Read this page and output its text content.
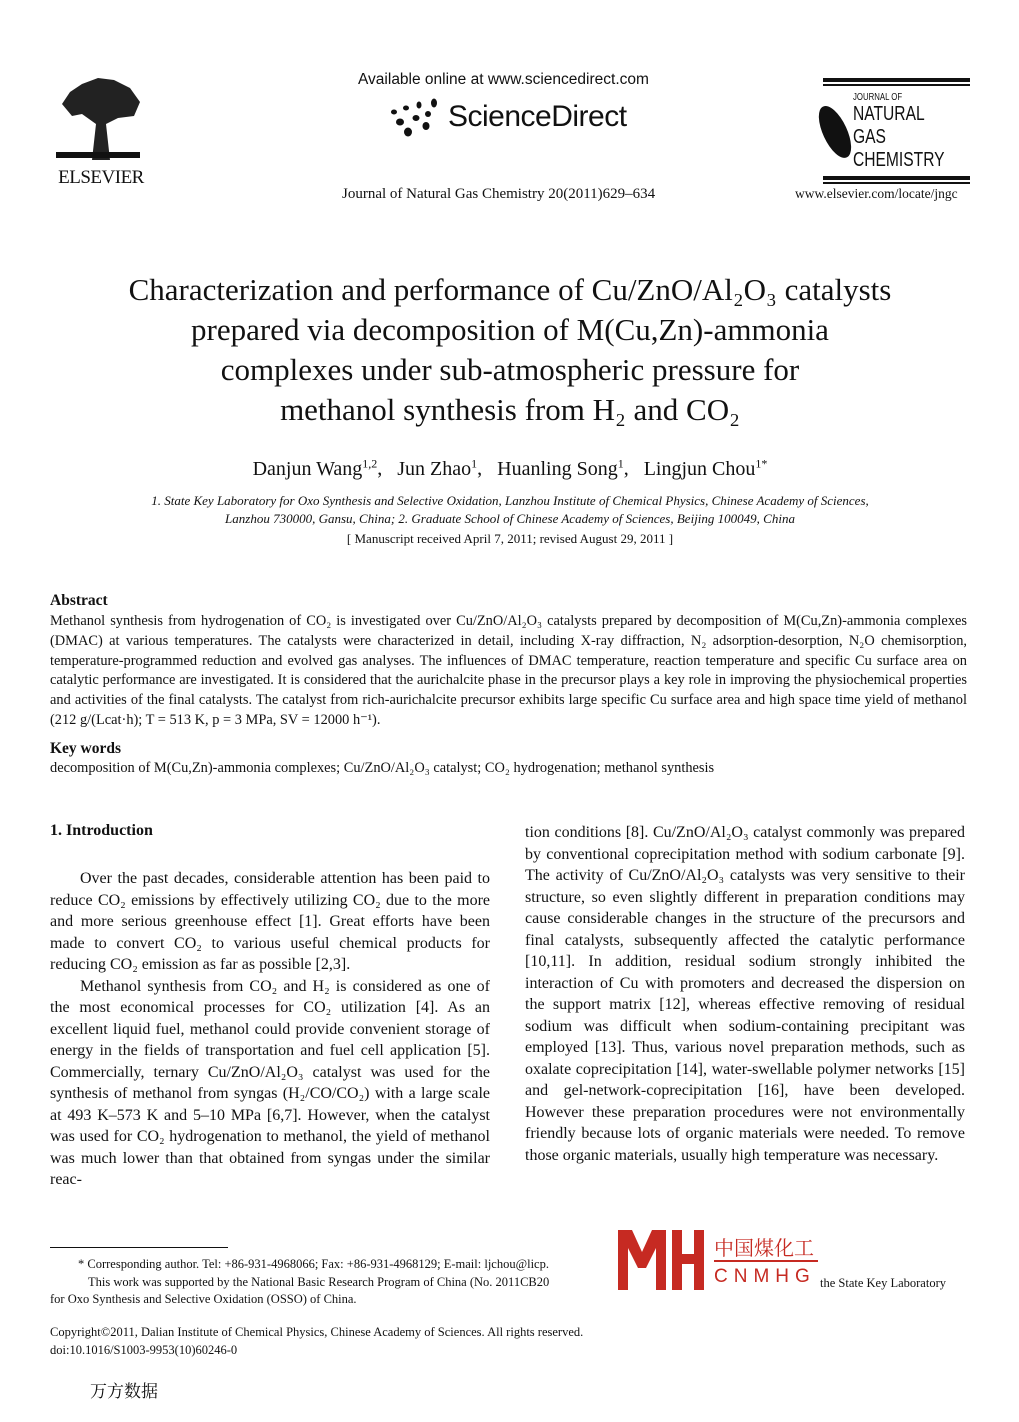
ELSEVIER
Available online at www.sciencedirect.com
ScienceDirect
Journal of Natural Gas Chemistry 20(2011)629–634
JOURNAL OF
NATURAL GAS
CHEMISTRY
www.elsevier.com/locate/jngc
Characterization and performance of Cu/ZnO/Al₂O₃ catalysts
prepared via decomposition of M(Cu,Zn)-ammonia
complexes under sub-atmospheric pressure for
methanol synthesis from H₂ and CO₂
Danjun Wang$^{1,2}$,   Jun Zhao$^1$,   Huanling Song$^1$,   Lingjun Chou$^{1*}$
1. State Key Laboratory for Oxo Synthesis and Selective Oxidation, Lanzhou Institute of Chemical Physics, Chinese Academy of Sciences,
Lanzhou 730000, Gansu, China; 2. Graduate School of Chinese Academy of Sciences, Beijing 100049, China
[ Manuscript received April 7, 2011; revised August 29, 2011 ]
Abstract
Methanol synthesis from hydrogenation of CO₂ is investigated over Cu/ZnO/Al₂O₃ catalysts prepared by decomposition of M(Cu,Zn)-ammonia complexes (DMAC) at various temperatures. The catalysts were characterized in detail, including X-ray diffraction, N₂ adsorption-desorption, N₂O chemisorption, temperature-programmed reduction and evolved gas analyses. The influences of DMAC temperature, reaction temperature and specific Cu surface area on catalytic performance are investigated. It is considered that the aurichalcite phase in the precursor plays a key role in improving the physiochemical properties and activities of the final catalysts. The catalyst from rich-aurichalcite precursor exhibits large specific Cu surface area and high space time yield of methanol (212 g/(Lcat·h); T = 513 K, p = 3 MPa, SV = 12000 h⁻¹).
Key words
decomposition of M(Cu,Zn)-ammonia complexes; Cu/ZnO/Al₂O₃ catalyst; CO₂ hydrogenation; methanol synthesis
1. Introduction

Over the past decades, considerable attention has been paid to reduce CO₂ emissions by effectively utilizing CO₂ due to the more and more serious greenhouse effect [1]. Great efforts have been made to convert CO₂ to various useful chemical products for reducing CO₂ emission as far as possible [2,3].

Methanol synthesis from CO₂ and H₂ is considered as one of the most economical processes for CO₂ utilization [4]. As an excellent liquid fuel, methanol could provide convenient storage of energy in the fields of transportation and fuel cell application [5]. Commercially, ternary Cu/ZnO/Al₂O₃ catalyst was used for the synthesis of methanol from syngas (H₂/CO/CO₂) with a large scale at 493 K–573 K and 5–10 MPa [6,7]. However, when the catalyst was used for CO₂ hydrogenation to methanol, the yield of methanol was much lower than that obtained from syngas under the similar reac-

tion conditions [8]. Cu/ZnO/Al₂O₃ catalyst commonly was prepared by conventional coprecipitation method with sodium carbonate [9]. The activity of Cu/ZnO/Al₂O₃ catalysts was very sensitive to their structure, so even slightly different in preparation conditions may cause considerable changes in the structure of the precursors and final catalysts, subsequently affected the catalytic performance [10,11]. In addition, residual sodium strongly inhibited the interaction of Cu with promoters and decreased the dispersion on the support matrix [12], whereas effective removing of residual sodium was difficult when sodium-containing precipitant was employed [13]. Thus, various novel preparation methods, such as oxalate coprecipitation [14], water-swellable polymer networks [15] and gel-network-coprecipitation [16], have been developed. However these preparation procedures were not environmentally friendly because lots of organic materials were needed. To remove those organic materials, usually high temperature was necessary.

* Corresponding author. Tel: +86-931-4968066; Fax: +86-931-4968129; E-mail: ljchou@licp.

This work was supported by the National Basic Research Program of China (No. 2011CB20

for Oxo Synthesis and Selective Oxidation (OSSO) of China.

中国煤化工
CNMHG the State Key Laboratory
Copyright©2011, Dalian Institute of Chemical Physics, Chinese Academy of Sciences. All rights reserved.
doi:10.1016/S1003-9953(10)60246-0
万方数据
